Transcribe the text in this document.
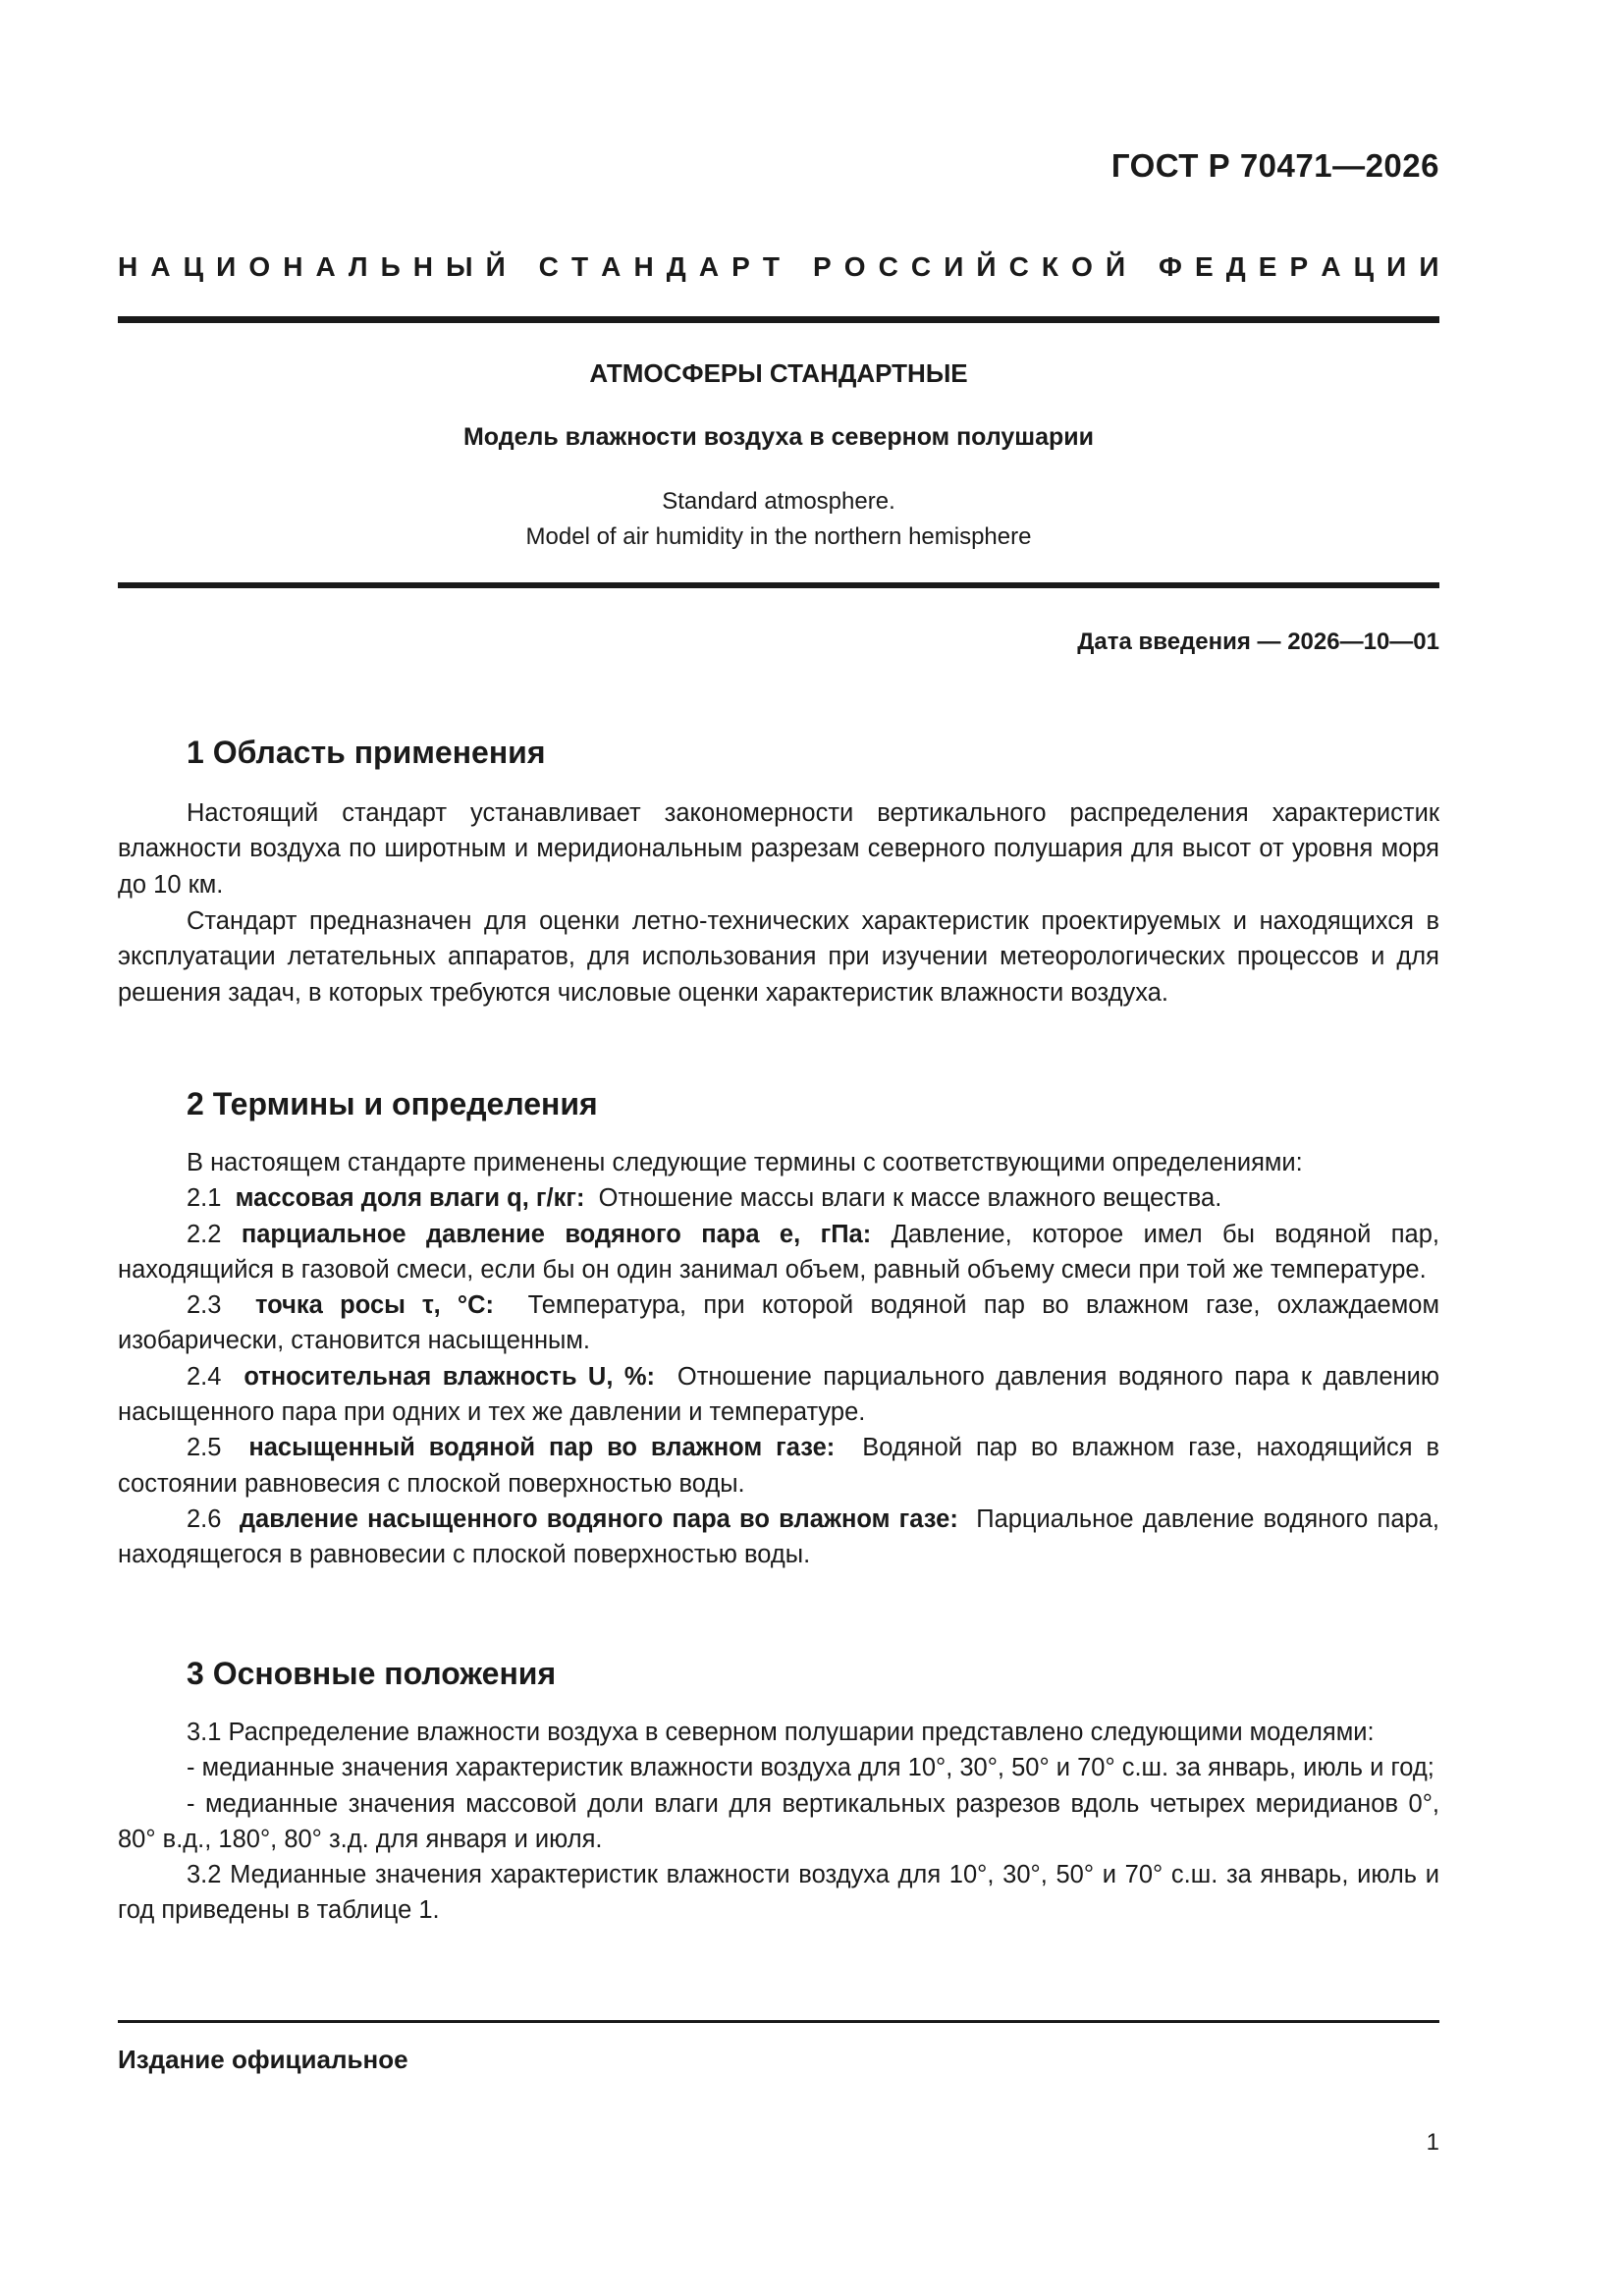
ГОСТ Р 70471—2026
Н А Ц И О Н А Л Ь Н Ы Й
С Т А Н Д А Р Т
Р О С С И Й С К О Й
Ф Е Д Е Р А Ц И И
АТМОСФЕРЫ СТАНДАРТНЫЕ
Модель влажности воздуха в северном полушарии
Standard atmosphere.
Model of air humidity in the northern hemisphere
Дата введения — 2026—10—01
1 Область применения

Настоящий стандарт устанавливает закономерности вертикального распределения характеристик влажности воздуха по широтным и меридиональным разрезам северного полушария для высот от уровня моря до 10 км.

Стандарт предназначен для оценки летно-технических характеристик проектируемых и находящихся в эксплуатации летательных аппаратов, для использования при изучении метеорологических процессов и для решения задач, в которых требуются числовые оценки характеристик влажности воздуха.

2 Термины и определения

В настоящем стандарте применены следующие термины с соответствующими определениями:

2.1 массовая доля влаги q, г/кг: Отношение массы влаги к массе влажного вещества.

2.2 парциальное давление водяного пара e, гПа: Давление, которое имел бы водяной пар, находящийся в газовой смеси, если бы он один занимал объем, равный объему смеси при той же температуре.

2.3 точка росы τ, °С: Температура, при которой водяной пар во влажном газе, охлаждаемом изобарически, становится насыщенным.

2.4 относительная влажность U, %: Отношение парциального давления водяного пара к давлению насыщенного пара при одних и тех же давлении и температуре.

2.5 насыщенный водяной пар во влажном газе: Водяной пар во влажном газе, находящийся в состоянии равновесия с плоской поверхностью воды.

2.6 давление насыщенного водяного пара во влажном газе: Парциальное давление водяного пара, находящегося в равновесии с плоской поверхностью воды.

3 Основные положения

3.1 Распределение влажности воздуха в северном полушарии представлено следующими моделями:

- медианные значения характеристик влажности воздуха для 10°, 30°, 50° и 70° с.ш. за январь, июль и год;

- медианные значения массовой доли влаги для вертикальных разрезов вдоль четырех меридианов 0°, 80° в.д., 180°, 80° з.д. для января и июля.

3.2 Медианные значения характеристик влажности воздуха для 10°, 30°, 50° и 70° с.ш. за январь, июль и год приведены в таблице 1.

Издание официальное
1
